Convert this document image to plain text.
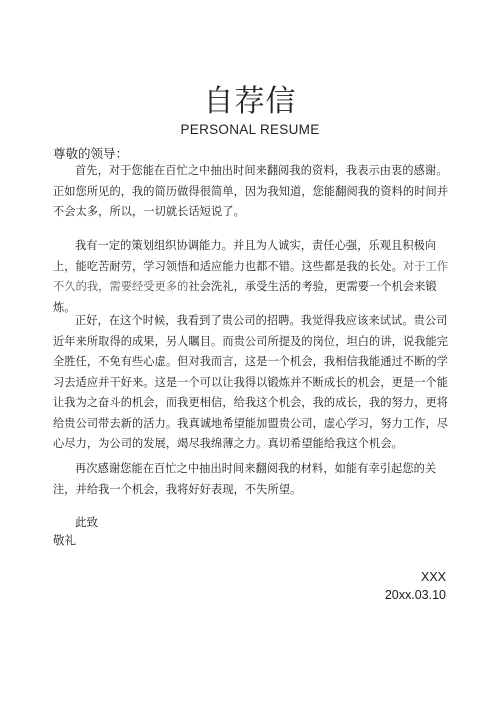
自荐信
PERSONAL RESUME
尊敬的领导：

首先，对于您能在百忙之中抽出时间来翻阅我的资料，我表示由衷的感谢。正如您所见的，我的简历做得很简单，因为我知道，您能翻阅我的资料的时间并不会太多，所以，一切就长话短说了。

我有一定的策划组织协调能力。并且为人诚实，责任心强，乐观且积极向上，能吃苦耐劳，学习领悟和适应能力也都不错。这些都是我的长处。对于工作不久的我，需要经受更多的社会洗礼，承受生活的考验，更需要一个机会来锻炼。

正好，在这个时候，我看到了贵公司的招聘。我觉得我应该来试试。贵公司近年来所取得的成果，另人瞩目。而贵公司所提及的岗位，坦白的讲，说我能完全胜任，不免有些心虚。但对我而言，这是一个机会，我相信我能通过不断的学习去适应并干好来。这是一个可以让我得以锻炼并不断成长的机会，更是一个能让我为之奋斗的机会，而我更相信，给我这个机会，我的成长，我的努力，更将给贵公司带去新的活力。我真诚地希望能加盟贵公司，虚心学习，努力工作，尽心尽力，为公司的发展，竭尽我绵薄之力。真切希望能给我这个机会。

再次感谢您能在百忙之中抽出时间来翻阅我的材料，如能有幸引起您的关注，并给我一个机会，我将好好表现，不失所望。

此致
敬礼
XXX
20xx.03.10
